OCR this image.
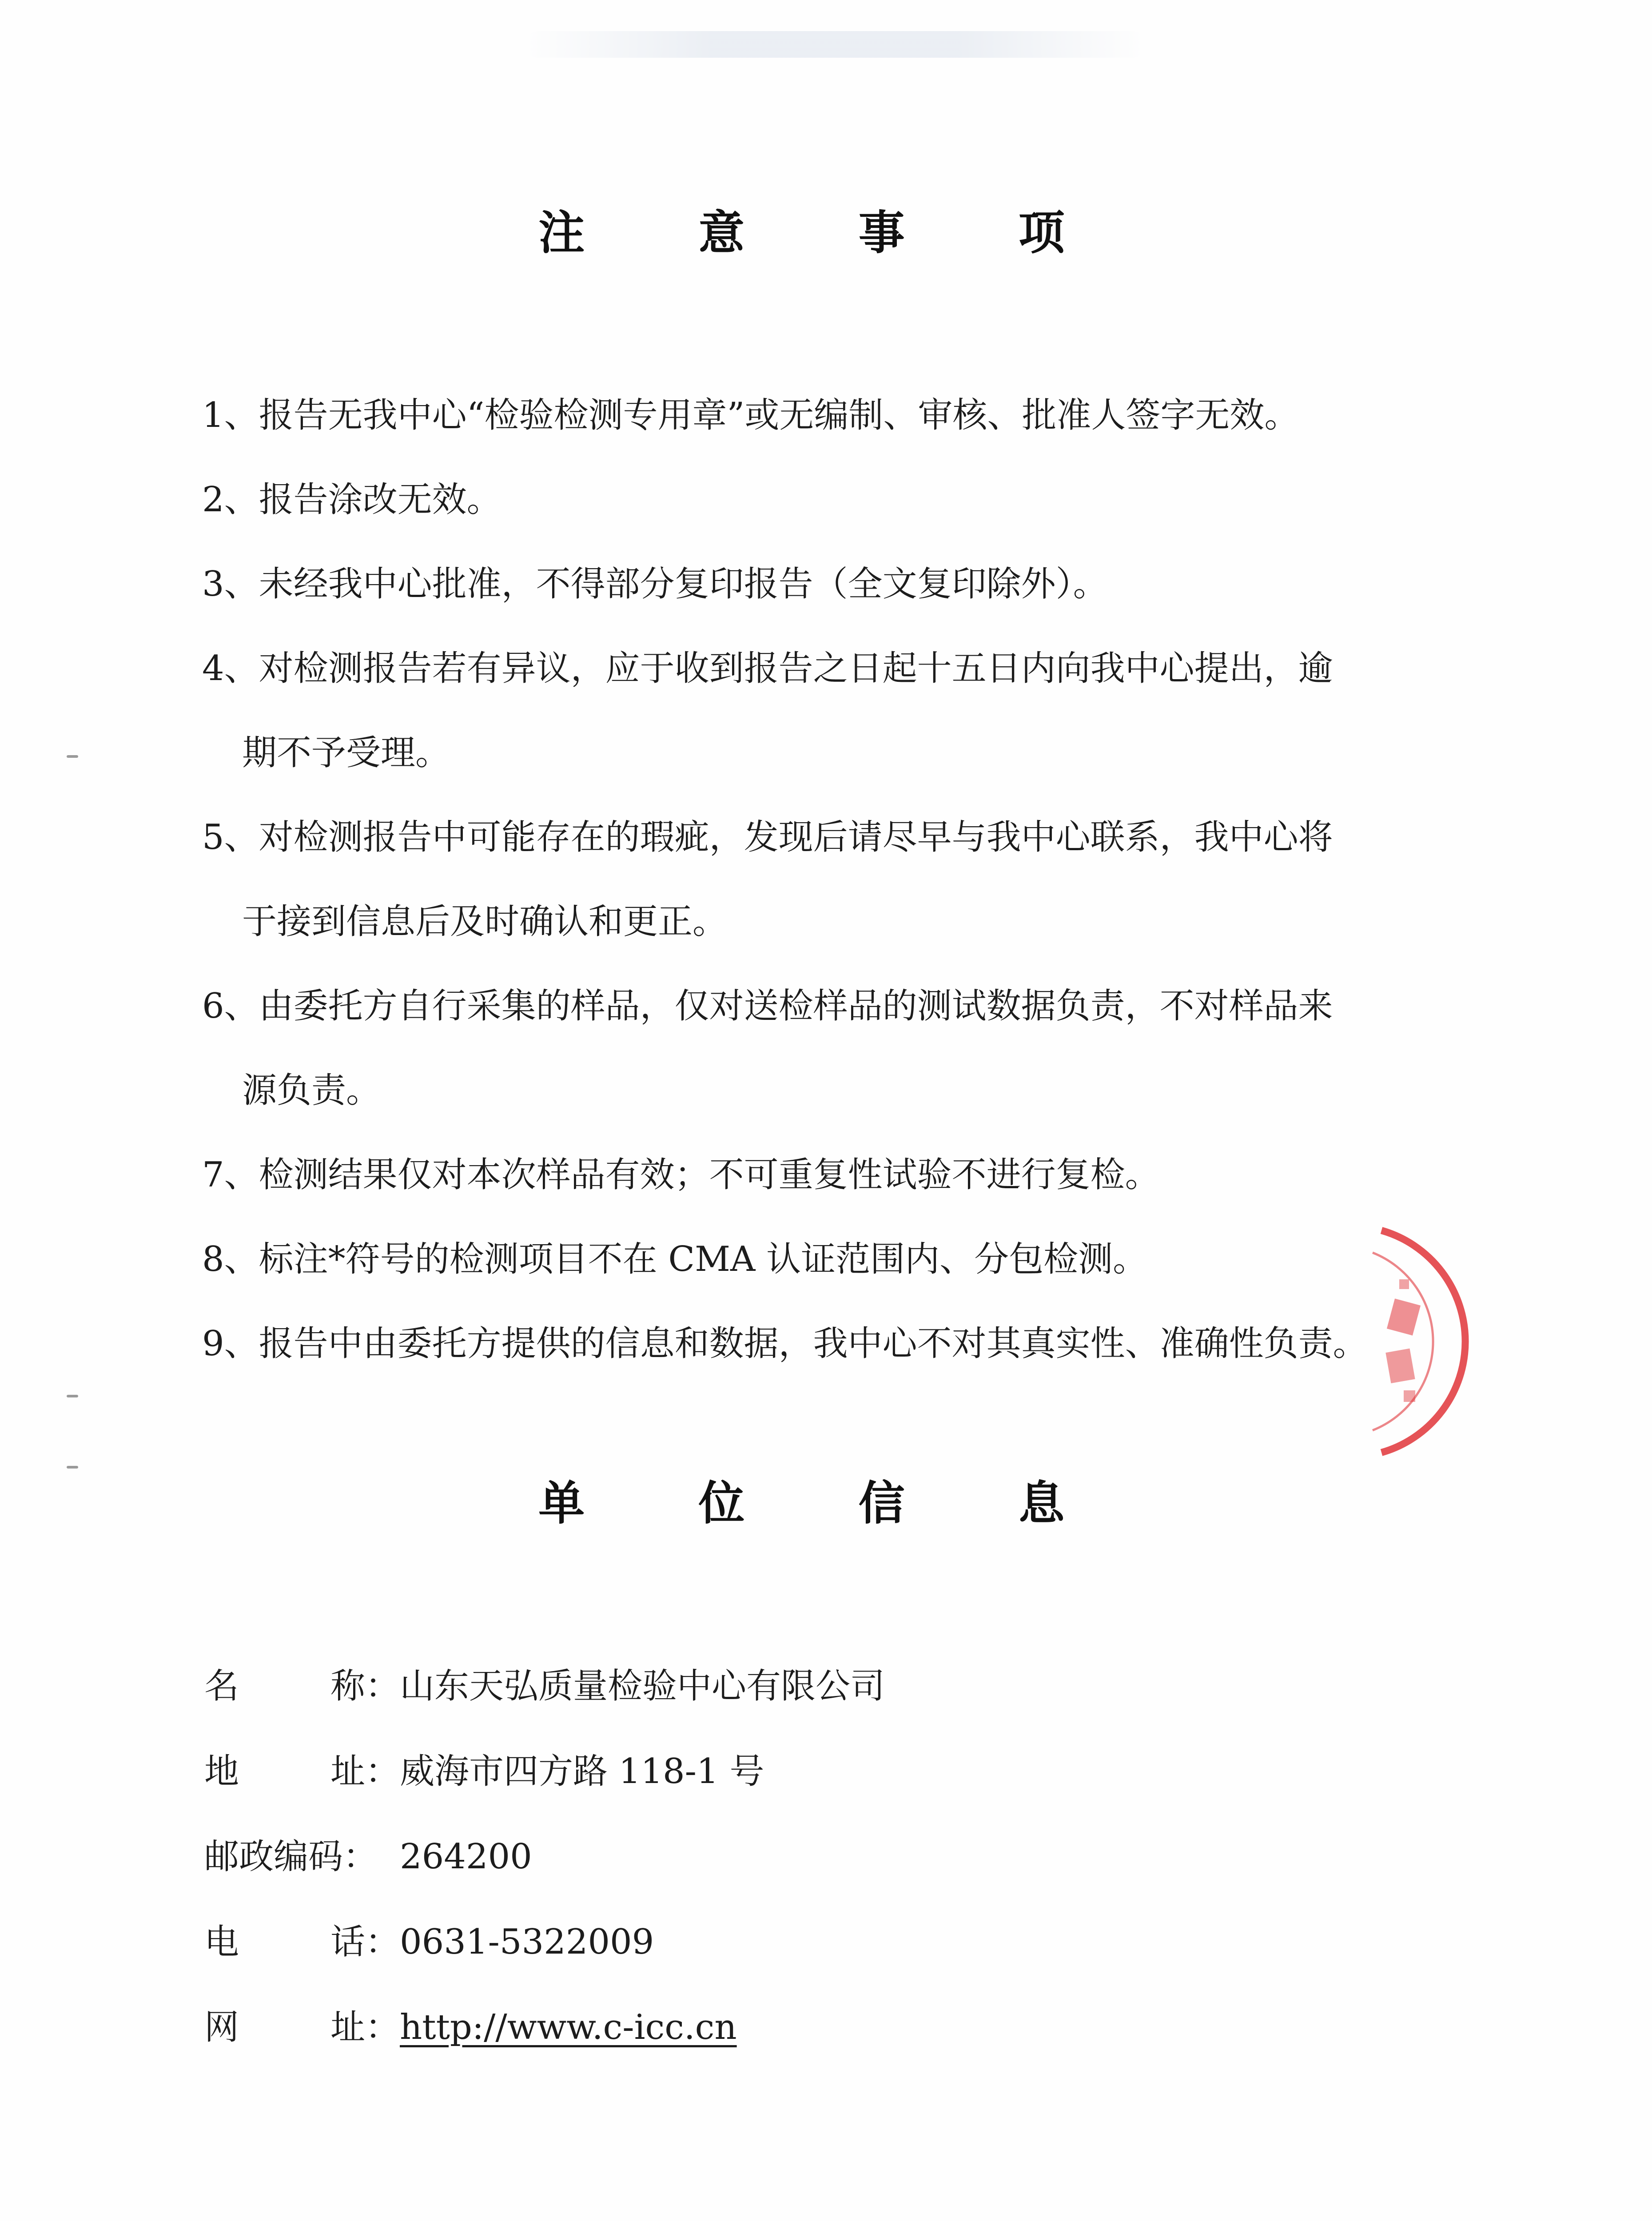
注 意 事 项
1、报告无我中心“检验检测专用章”或无编制、审核、批准人签字无效。
2、报告涂改无效。
3、未经我中心批准，不得部分复印报告（全文复印除外）。
4、对检测报告若有异议，应于收到报告之日起十五日内向我中心提出，逾
期不予受理。
5、对检测报告中可能存在的瑕疵，发现后请尽早与我中心联系，我中心将
于接到信息后及时确认和更正。
6、由委托方自行采集的样品，仅对送检样品的测试数据负责，不对样品来
源负责。
7、检测结果仅对本次样品有效；不可重复性试验不进行复检。
8、标注*符号的检测项目不在 CMA 认证范围内、分包检测。
9、报告中由委托方提供的信息和数据，我中心不对其真实性、准确性负责。
单 位 信 息
名	称： 山东天弘质量检验中心有限公司
地	址： 威海市四方路 118-1 号
邮政编码： 264200
电	话： 0631-5322009
网	址： http://www.c-icc.cn
